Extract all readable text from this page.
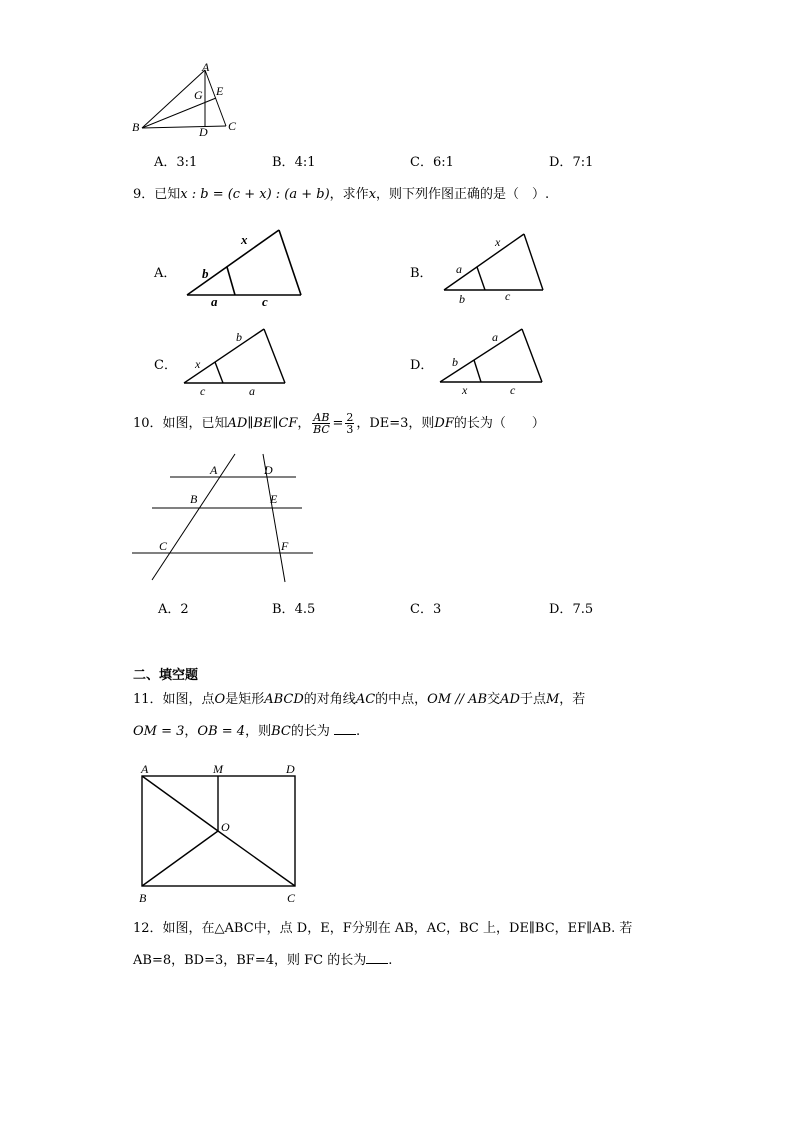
A
G E
B	D C
A．3:1	B．4:1	C．6:1	D．7:1
9．已知x : b = (c + x) : (a + b)，求作x，则下列作图正确的是（　）.
A．
x
b
a	c
B．
x
a
b	c
C．
b
x
c	a
D．
a
b
x	c
10．如图，已知AD∥BE∥CF， $\frac{AB}{BC} = \frac{2}{3}$ ，DE=3，则DF的长为（　　）
A	D
B	E
C	F
A．2	B．4.5	C．3	D．7.5
二、填空题
11．如图，点O是矩形ABCD的对角线AC的中点，OM // AB交AD于点M，若
OM = 3，OB = 4，则BC的长为 .
A	M	D
O
B	C
12．如图，在△ABC中，点 D，E，F分别在 AB，AC，BC 上，DE∥BC，EF∥AB. 若
AB=8，BD=3，BF=4，则 FC 的长为 .
